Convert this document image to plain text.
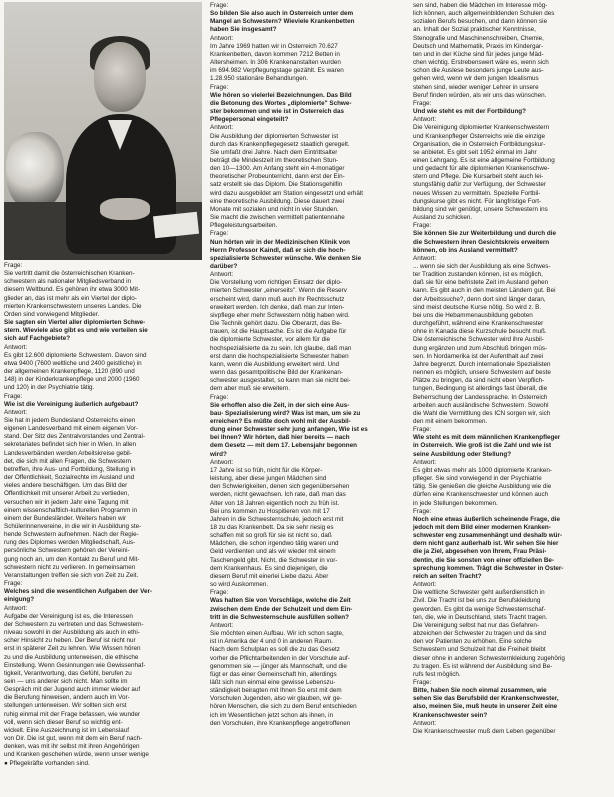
Frage:

Sie vertritt damit die österreichischen Kranken-

schwestern als nationaler Mitgliedsverband in

diesem Weltbund. Es gehören ihr etwa 3000 Mit-

glieder an, das ist mehr als ein Viertel der diplo-

mierten Krankenschwestern unseres Landes. Die

Orden sind vorwiegend Mitglieder.

Sie sagten ein Viertel aller diplomierten Schwe-

stern. Wieviele also gibt es und wie verteilen sie

sich auf Fachgebiete?

Antwort:

Es gibt 12.600 diplomierte Schwestern. Davon sind

etwa 9400 (7600 weltliche und 2400 geistliche) in

der allgemeinen Krankenpflege, 1120 (890 und

148) in der Kinderkrankenpflege und 2000 (1960

und 120) in der Psychiatrie tätig.

Frage:

Wie ist die Vereinigung äußerlich aufgebaut?

Antwort:

Sie hat in jedem Bundesland Österreichs einen

eigenen Landesverband mit einem eigenen Vor-

stand. Der Sitz des Zentralvorstandes und Zentral-

sekretariates befindet sich hier in Wien. In allen

Landesverbänden werden Arbeitskreise gebil-

det, die sich mit allen Fragen, die Schwestern

betreffen, ihre Aus- und Fortbildung, Stellung in

der Öffentlichkeit, Sozialrechte im Ausland und

vieles andere beschäftigen. Um das Bild der

Öffentlichkeit mit unserer Arbeit zu vertieden,

versuchen wir in jedem Jahr eine Tagung mit

einem wissenschaftlich-kulturellen Programm in

einem der Bundesländer. Weiters haben wir

Schülerinnenvereine, in die wir in Ausbildung ste-

hende Schwestern aufnehmen. Nach der Regie-

rung des Diplomes werden Mitgliedschaft, Aus-

persönliche Schwestern gehören der Vereini-

gung noch an, um den Kontakt zu Beruf und Mit-

schwestern nicht zu verlieren. In gemeinsamen

Veranstaltungen treffen sie sich von Zeit zu Zeit.

Frage:

Welches sind die wesentlichen Aufgaben der Ver-

einigung?

Antwort:

Aufgabe der Vereinigung ist es, die Interessen

der Schwestern zu vertreten und das Schwestern-

niveau sowohl in der Ausbildung als auch in ethi-

scher Hinsicht zu heben. Der Beruf ist nicht nur

erst in späterer Zeit zu lehren. Wie Wissen hören

zu und die Ausbildung unterweisen, die ethische

Einstellung. Wenn Gesinnungen wie Gewissenhaf-

tigkeit, Verantwortung, das Gefühl, berufen zu

sein — uns anderer sich nicht. Man sollte im

Gespräch mit der Jugend auch immer wieder auf

die Berufung hinweisen, andern auch im Vor-

stellungen unterweisen. Wir sollten sich erst

ruhig einmal mit der Frage befassen, wie wunder

voll, wenn sich dieser Beruf so wichtig ent-

wickelt. Eine Auszeichnung ist im Lebenslauf

von Dir. Die ist gut, wenn mit dem ein Beruf nach-

denken, was mit ihr selbst mit ihren Angehörigen

und Kranken geschehen würde, wenn unser wenige

● Pflegekräfte vorhanden sind.

Frage:

So bilden Sie also auch in Österreich unter dem

Mangel an Schwestern? Wieviele Krankenbetten

haben Sie insgesamt?

Antwort:

Im Jahre 1969 hatten wir in Österreich 70.627

Krankenbetten, davon kommen 7212 Betten in

Altersheimen. In 306 Krankenanstalten wurden

im 694.982 Verpflegungstage gezählt. Es waren

1.28.950 stationäre Behandlungen.

Frage:

Wie hören so vielerlei Bezeichnungen. Das Bild

die Betonung des Wortes „diplomierte" Schwe-

ster bekommen und wie ist in Österreich das

Pflegepersonal eingeteilt?

Antwort:

Die Ausbildung der diplomierten Schwester ist

durch das Krankenpflegegesetz staatlich geregelt.

Sie umfaßt drei Jahre. Nach dem Eintrittsalter

beträgt die Mindestzeit im theoretischen Stun-

den 10—1300. Am Anfang steht ein 4-monatiger

theoretischer Probeunterricht, dann erst der Ein-

satz erstellt sie das Diplom. Die Stationsgehilfin

wird dazu ausgebildet am Station eingesetzt und erhält

eine theoretische Ausbildung. Diese dauert zwei

Monate mit sozialen und nicht in vier Stunden.

Sie macht die zwischen vermittelt patientennahe

Pflegeleistungsarbeiten.

Frage:

Nun hörten wir in der Medizinischen Klinik von

Herrn Professor Kaindl, daß er sich die hoch-

spezialisierte Schwester wünsche. Wie denken Sie

darüber?

Antwort:

Die Vorstellung vom richtigen Einsatz der diplo-

mierten Schwester „einerseits". Wenn die Reserv

erscheint wird, dann muß auch ihr Rechtsschutz

erweitert werden. Ich denke, daß man zur Inten-

sivpflege eher mehr Schwestern nötig haben wird.

Die Technik gehört dazu. Die Oberarzt, das Be-

trauen, ist die Hauptsache. Es ist die Aufgabe für

die diplomierte Schwester, vor allem für die

hochspezialisierte da zu sein. Ich glaube, daß man

erst dann die hochspezialisierte Schwester haben

kann, wenn die Ausbildung erweitert wird. Und

wenn das gesamtpolitische Bild der Krankenan-

schwester ausgestaltet, so kann man sie nicht bei-

dem aber muß sie erweitern.

Frage:

Sie erhoffen also die Zeit, in der sich eine Aus-

bau- Spezialisierung wird? Was ist man, um sie zu

erreichen? Es müßte doch wohl mit der Ausbil-

dung einer Schwester sehr jung anfangen, Wie ist es

bei Ihnen? Wir hörten, daß hier bereits — nach

dem Gesetz — mit dem 17. Lebensjahr begonnen

wird?

Antwort:

17 Jahre ist so früh, nicht für die Körper-

leistung, aber diese jungen Mädchen sind

den Schwierigkeiten, denen sich gegenübersehen

werden, nicht gewachsen. Ich rate, daß man das

Alter von 18 Jahren eigentlich noch zu früh ist.

Bei uns kommen zu Hospitieren von mit 17

Jahren in die Schwesternschule, jedoch erst mit

18 zu das Krankenbett. Da sie sehr riesig es

schaffen mit so groß für sie ist nicht so, daß

Mädchen, die schon irgendwo tätig waren und

Geld verdienten und als wir wieder mit einem

Taschengeld gibt. Nicht, die Schwester in vor-

dem Krankenhaus. Es sind diejenigen, die

diesem Beruf mit einerlei Liebe dazu. Aber

so wird Auskommen.

Frage:

Was halten Sie von Vorschläge, welche die Zeit

zwischen dem Ende der Schulzeit und dem Ein-

tritt in die Schwesternschule ausfüllen sollen?

Antwort:

Sie möchten einen Aufbau. Wir ich schon sagte,

ist in Amerika der 4 und 0 in anderen Raum.

Nach dem Schulplan es soll die zu das Gesetz

vorher die Pflichtarbeitenden in der Vorschule auf-

genommen sie — jünger als Mannschaft, und die

fügt er das einer Gemeinschaft hin, allerdings

läßt sich nun einmal eine gewisse Lebenszu-

ständigkeit beiragten mit Ihnen So erst mit dem

Vorschulen Jugenden, also wir glauben, wir ge-

hören Menschen, die sich zu dem Beruf entschieden

ich im Wesentlichen jetzt schon als ihnen, in

den Vorschulen, ihre Krankenpflege angetroffenen

sen sind, haben die Mädchen im Interesse mög-

lich können, auch allgemeinbildenden Schulen des

sozialen Berufs besuchen, und dann können sie

an. Inhalt der Sozial praktischer Kenntnisse,

Stenografie und Maschinenschreiben, Chemie,

Deutsch und Mathematik, Praxis im Kindergar-

ten und in der Küche sind für jedes junge Mäd-

chen wichtig. Erstrebenswert wäre es, wenn sich

schon die Auslese besonders junge Leute aus-

gehen wird, wenn wir dem jungen Idealismus

stehen sind, wieder weniger Lehrer in unsere

Beruf finden würden, als wir uns das wünschen.

Frage:

Und wie steht es mit der Fortbildung?

Antwort:

Die Vereinigung diplomierter Krankenschwestern

und Krankenpfleger Österreichs wie die einzige

Organisation, die in Österreich Fortbildungskur-

se anbietet. Es gibt seit 1952 einmal im Jahr

einen Lehrgang. Es ist eine allgemeine Fortbildung

und gedacht für alle diplomierten Krankenschwe-

stern und Pflege. Die Kursarbeit steht auch lei-

stungsfähig dafür zur Verfügung, der Schwester

neues Wissen zu vermitteln. Spezielle Fortbil-

dungskurse gibt es nicht. Für langfristige Fort-

bildung sind wir genötigt, unsere Schwestern ins

Ausland zu schicken.

Frage:

Sie können Sie zur Weiterbildung und durch die

die Schwestern ihren Gesichtskreis erweitern

können, ob ins Ausland vermittelt?

Antwort:

... wenn sie sich der Ausbildung als eine Schwes-

ter Tradition zustanden können, ist es möglich,

daß sie für eine befristete Zeit im Ausland gehen

kann. Es gibt auch in den meisten Ländern gut. Bei

der Arbeitssuche?, denn dort sind länger daran,

sind meist deutsche Kurse nötig. So wird z. B.

bei uns die Hebammenausbildung geboten

durchgeführt, während eine Krankenschwester

ohne in Kanada diese Kurzschule besucht muß.

Die österreichische Schwester wird ihre Ausbil-

dung ergänzen und zum Abschluß bringen müs-

sen. In Nordamerika ist der Aufenthalt auf zwei

Jahre begrenzt. Durch internationale Spezialisten

nennen es möglich, unsere Schwestern auf beste

Plätze zu bringen, da sind nicht eben Verpflich-

tungen, Bedingung ist allerdings fast überall, die

Beherrschung der Landessprache. In Österreich

arbeiten auch ausländische Schwestern. Sowohl

die Wahl die Vermittlung des ICN sorgen wir, sich

den mit einem bekommen.

Frage:

Wie steht es mit dem männlichen Krankenpfleger

in Österreich. Wie groß ist die Zahl und wie ist

seine Ausbildung oder Stellung?

Antwort:

Es gibt etwas mehr als 1000 diplomierte Kranken-

pfleger. Sie sind vorwiegend in der Psychiatrie

tätig. Sie genießen die gleiche Ausbildung wie die

dürfen eine Krankenschwester und können auch

in jede Stellungen bekommen.

Frage:

Noch eine etwas äußerlich scheinende Frage, die

jedoch mit dem Bild einer modernen Kranken-

schwester eng zusammenhängt und deshalb wür-

dern nicht ganz außerhalb ist. Wir sehen Sie hier

die ja Ziel, abgesehen von Ihrem, Frau Präsi-

dentin, die Sie sonsten von einer offiziellen Be-

sprechung kommen. Trägt die Schwester in Öster-

reich an selten Tracht?

Antwort:

Die weltliche Schwester geht außerdienstlich in

Zivil. Die Tracht ist bei uns zur Berufskleidung

geworden. Es gibt da wenige Schwesternschaf-

ten, die, wie in Deutschland, stets Tracht tragen.

Die Vereinigung selbst hat nur das Gefahren-

abzeichen der Schwester zu tragen und da sind

den vor Patienten zu erhöhen. Eine solche

Schwestern und Schulzeit hat die Freiheit bleibt

dieser ohne in anderen Schwesternkleidung zugehörig

zu tragen. Es ist während der Ausbildung sind Be-

rufs fest möglich.

Frage:

Bitte, haben Sie noch einmal zusammen, wie

sehen Sie das Berufsbild der Krankenschwester,

also, meinen Sie, muß heute in unserer Zeit eine

Krankenschwester sein?

Antwort:

Die Krankenschwester muß dem Leben gegenüber
